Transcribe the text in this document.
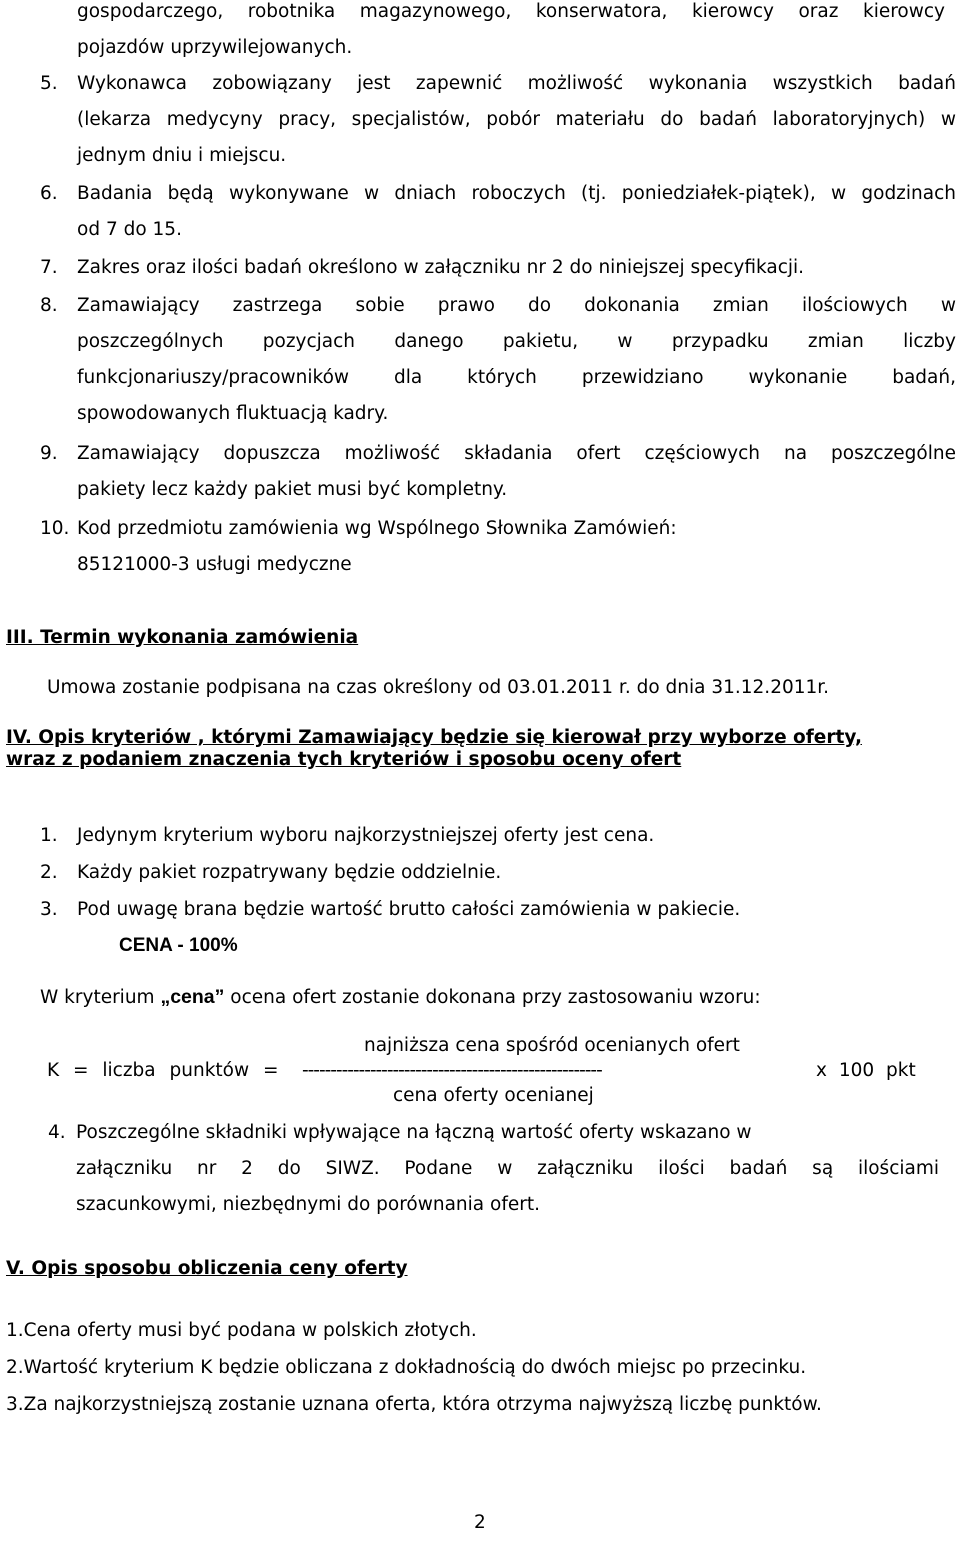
gospodarczego, robotnika magazynowego, konserwatora, kierowcy oraz kierowcy
pojazdów uprzywilejowanych.
5. Wykonawca zobowiązany jest zapewnić możliwość wykonania wszystkich badań
(lekarza medycyny pracy, specjalistów, pobór materiału do badań laboratoryjnych) w
jednym dniu i miejscu.
6. Badania będą wykonywane w dniach roboczych (tj. poniedziałek-piątek), w godzinach
od 7 do 15.
7. Zakres oraz ilości badań określono w załączniku nr 2 do niniejszej specyfikacji.
8. Zamawiający zastrzega sobie prawo do dokonania zmian ilościowych w
poszczególnych pozycjach danego pakietu, w przypadku zmian liczby
funkcjonariuszy/pracowników dla których przewidziano wykonanie badań,
spowodowanych fluktuacją kadry.
9. Zamawiający dopuszcza możliwość składania ofert częściowych na poszczególne
pakiety lecz każdy pakiet musi być kompletny.
10. Kod przedmiotu zamówienia wg Wspólnego Słownika Zamówień:
85121000-3 usługi medyczne
III. Termin wykonania zamówienia
Umowa zostanie podpisana na czas określony od 03.01.2011 r. do dnia 31.12.2011r.
IV. Opis kryteriów , którymi Zamawiający będzie się kierował przy wyborze oferty,
wraz z podaniem znaczenia tych kryteriów i sposobu oceny ofert
1. Jedynym kryterium wyboru najkorzystniejszej oferty jest cena.
2. Każdy pakiet rozpatrywany będzie oddzielnie.
3. Pod uwagę brana będzie wartość brutto całości zamówienia w pakiecie.
CENA - 100%
W kryterium „cena” ocena ofert zostanie dokonana przy zastosowaniu wzoru:
najniższa cena spośród ocenianych ofert
K = liczba punktów = -----------------------------------------------------	x 100 pkt
cena oferty ocenianej
4. Poszczególne składniki wpływające na łączną wartość oferty wskazano w
załączniku nr 2 do SIWZ. Podane w załączniku ilości badań są ilościami
szacunkowymi, niezbędnymi do porównania ofert.
V. Opis sposobu obliczenia ceny oferty
1.Cena oferty musi być podana w polskich złotych.
2.Wartość kryterium K będzie obliczana z dokładnością do dwóch miejsc po przecinku.
3.Za najkorzystniejszą zostanie uznana oferta, która otrzyma najwyższą liczbę punktów.
2
